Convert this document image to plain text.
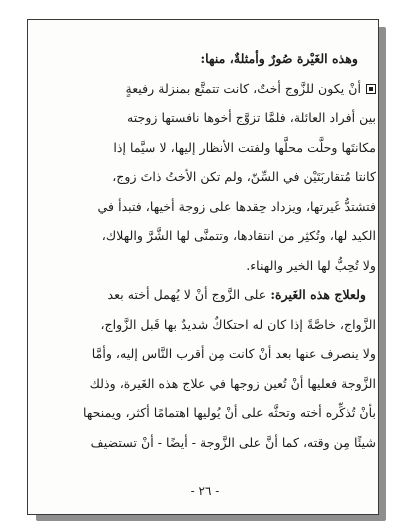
وهذه الغَيْرة صُورٌ وأمثلةٌ، منها:
أنْ يكون للزَّوج أختٌ، كانت تتمتَّع بمنزلة رفيعةٍ
بين أفراد العائلة، فلمَّا تزوَّج أخوها نافستها زوجته
مكانتَها وحلَّت محلَّها ولفتت الأنظار إليها، لا سيَّما إذا
كانتا مُتقاربَتَيْن في السِّنّ، ولم تكن الأختُ ذاتَ زوج،
فتشتدُّ غَيرتها، ويزداد حِقدها على زوجة أخيها، فتبدأ في
الكيد لها، وتُكثِر من انتقادها، وتتمنَّى لها الشَّرَّ والهلاك،
ولا تُحِبُّ لها الخير والهناء.
ولعلاج هذه الغَيرة: على الزَّوج أنْ لا يُهمل أخته بعد
الزَّواج، خاصَّةً إذا كان له احتكاكٌ شديدٌ بها قَبل الزَّواج،
ولا ينصرف عنها بعد أنْ كانت مِن أقرب النَّاس إليه، وأمَّا
الزَّوجة فعليها أنْ تُعين زوجها في علاج هذه الغَيرة، وذلك
بأنْ تُذكِّره أخته وتحثَّه على أنْ يُوليها اهتمامًا أكثر، ويمنحها
شيئًا مِن وقته، كما أنَّ على الزَّوجة - أيضًا - أنْ تستضيف
- ٢٦ -
